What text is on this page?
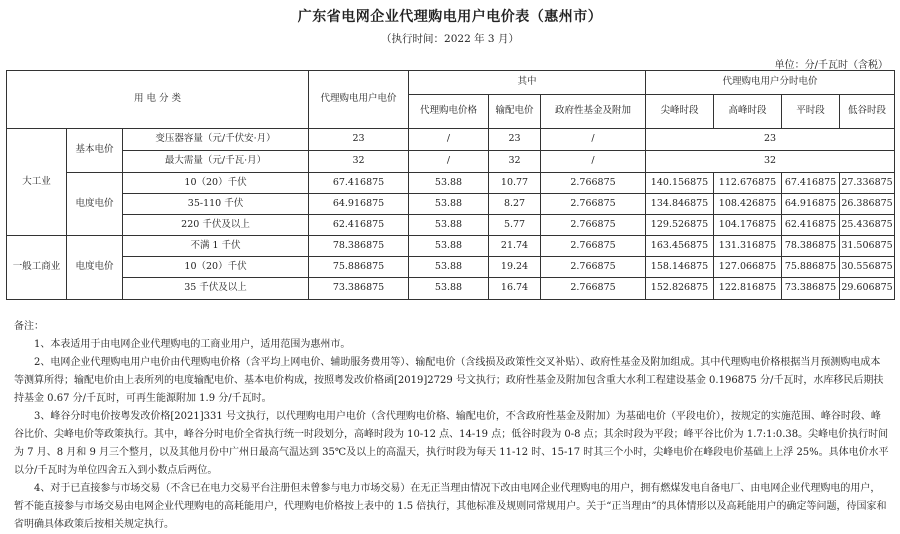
广东省电网企业代理购电用户电价表（惠州市）
（执行时间：2022 年 3 月）
单位：分/千瓦时（含税）
用 电 分 类			代理购电用户电价	其中			代理购电用户分时电价			
				代理购电价格	输配电价	政府性基金及附加	尖峰时段	高峰时段	平时段	低谷时段
大工业	基本电价	变压器容量（元/千伏安·月）	23	/	23	/	23			
		最大需量（元/千瓦·月）	32	/	32	/	32			
	电度电价	10（20）千伏	67.416875	53.88	10.77	2.766875	140.156875	112.676875	67.416875	27.336875
		35-110 千伏	64.916875	53.88	8.27	2.766875	134.846875	108.426875	64.916875	26.386875
		220 千伏及以上	62.416875	53.88	5.77	2.766875	129.526875	104.176875	62.416875	25.436875
一般工商业	电度电价	不满 1 千伏	78.386875	53.88	21.74	2.766875	163.456875	131.316875	78.386875	31.506875
		10（20）千伏	75.886875	53.88	19.24	2.766875	158.146875	127.066875	75.886875	30.556875
		35 千伏及以上	73.386875	53.88	16.74	2.766875	152.826875	122.816875	73.386875	29.606875

备注：

1、本表适用于由电网企业代理购电的工商业用户，适用范围为惠州市。

2、电网企业代理购电用户电价由代理购电价格（含平均上网电价、辅助服务费用等）、输配电价（含线损及政策性交叉补贴）、政府性基金及附加组成。其中代理购电价格根据当月预测购电成本等测算所得；输配电价由上表所列的电度输配电价、基本电价构成，按照粤发改价格函[2019]2729 号文执行；政府性基金及附加包含重大水利工程建设基金 0.196875 分/千瓦时，水库移民后期扶持基金 0.67 分/千瓦时，可再生能源附加 1.9 分/千瓦时。

3、峰谷分时电价按粤发改价格[2021]331 号文执行，以代理购电用户电价（含代理购电价格、输配电价，不含政府性基金及附加）为基础电价（平段电价），按规定的实施范围、峰谷时段、峰谷比价、尖峰电价等政策执行。其中，峰谷分时电价全省执行统一时段划分，高峰时段为 10-12 点、14-19 点；低谷时段为 0-8 点；其余时段为平段；峰平谷比价为 1.7:1:0.38。尖峰电价执行时间为 7 月、8 月和 9 月三个整月，以及其他月份中广州日最高气温达到 35℃及以上的高温天，执行时段为每天 11-12 时、15-17 时其三个小时，尖峰电价在峰段电价基础上上浮 25%。具体电价水平以分/千瓦时为单位四舍五入到小数点后两位。

4、对于已直接参与市场交易（不含已在电力交易平台注册但未曾参与电力市场交易）在无正当理由情况下改由电网企业代理购电的用户，拥有燃煤发电自备电厂、由电网企业代理购电的用户，暂不能直接参与市场交易由电网企业代理购电的高耗能用户，代理购电价格按上表中的 1.5 倍执行，其他标准及规则同常规用户。关于“正当理由”的具体情形以及高耗能用户的确定等问题，待国家和省明确具体政策后按相关规定执行。
